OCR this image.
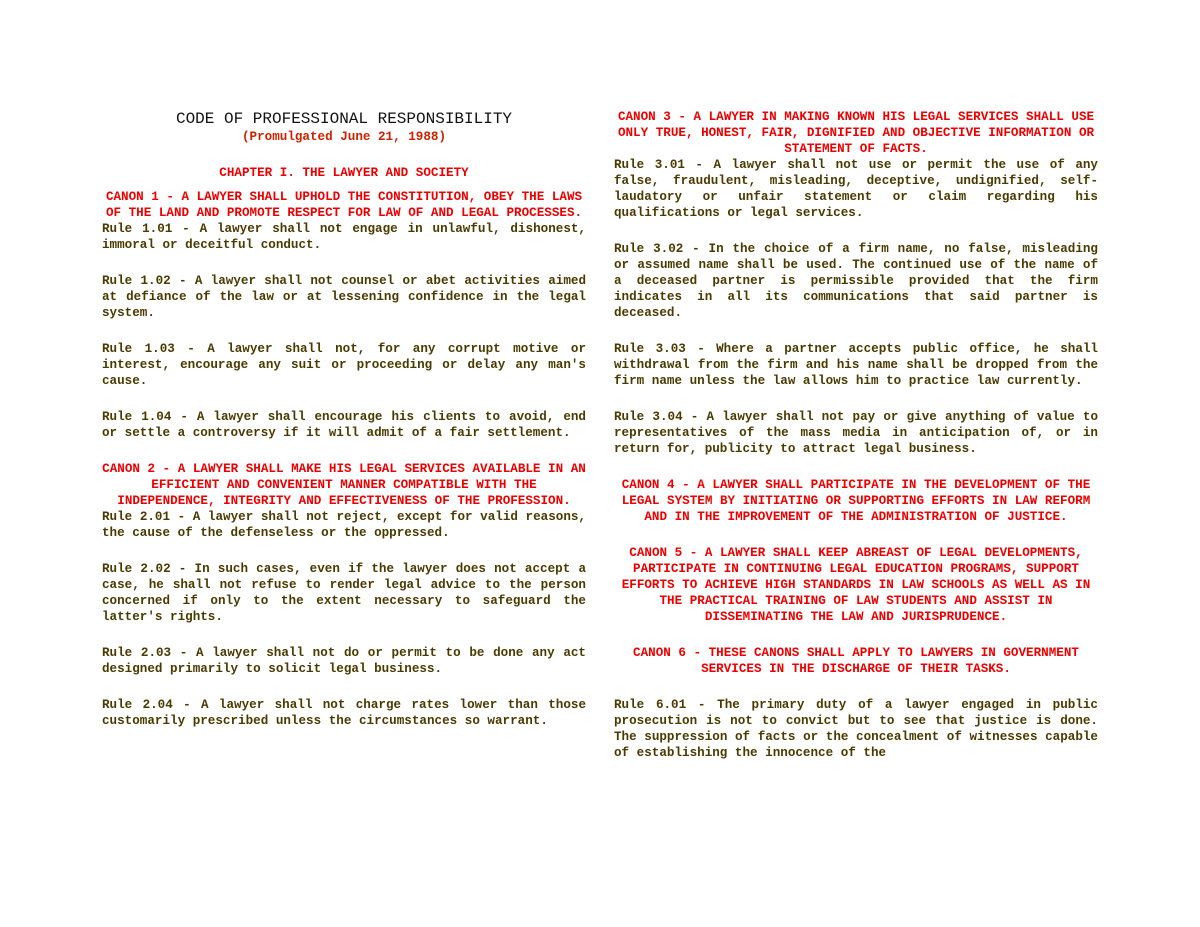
CODE OF PROFESSIONAL RESPONSIBILITY

(Promulgated June 21, 1988)

CHAPTER I. THE LAWYER AND SOCIETY

CANON 1 - A LAWYER SHALL UPHOLD THE CONSTITUTION, OBEY THE LAWS OF THE LAND AND PROMOTE RESPECT FOR LAW OF AND LEGAL PROCESSES.

Rule 1.01 - A lawyer shall not engage in unlawful, dishonest, immoral or deceitful conduct.

Rule 1.02 - A lawyer shall not counsel or abet activities aimed at defiance of the law or at lessening confidence in the legal system.

Rule 1.03 - A lawyer shall not, for any corrupt motive or interest, encourage any suit or proceeding or delay any man's cause.

Rule 1.04 - A lawyer shall encourage his clients to avoid, end or settle a controversy if it will admit of a fair settlement.

CANON 2 - A LAWYER SHALL MAKE HIS LEGAL SERVICES AVAILABLE IN AN EFFICIENT AND CONVENIENT MANNER COMPATIBLE WITH THE INDEPENDENCE, INTEGRITY AND EFFECTIVENESS OF THE PROFESSION.

Rule 2.01 - A lawyer shall not reject, except for valid reasons, the cause of the defenseless or the oppressed.

Rule 2.02 - In such cases, even if the lawyer does not accept a case, he shall not refuse to render legal advice to the person concerned if only to the extent necessary to safeguard the latter's rights.

Rule 2.03 - A lawyer shall not do or permit to be done any act designed primarily to solicit legal business.

Rule 2.04 - A lawyer shall not charge rates lower than those customarily prescribed unless the circumstances so warrant.

CANON 3 - A LAWYER IN MAKING KNOWN HIS LEGAL SERVICES SHALL USE ONLY TRUE, HONEST, FAIR, DIGNIFIED AND OBJECTIVE INFORMATION OR STATEMENT OF FACTS.

Rule 3.01 - A lawyer shall not use or permit the use of any false, fraudulent, misleading, deceptive, undignified, self-laudatory or unfair statement or claim regarding his qualifications or legal services.

Rule 3.02 - In the choice of a firm name, no false, misleading or assumed name shall be used. The continued use of the name of a deceased partner is permissible provided that the firm indicates in all its communications that said partner is deceased.

Rule 3.03 - Where a partner accepts public office, he shall withdrawal from the firm and his name shall be dropped from the firm name unless the law allows him to practice law currently.

Rule 3.04 - A lawyer shall not pay or give anything of value to representatives of the mass media in anticipation of, or in return for, publicity to attract legal business.

CANON 4 - A LAWYER SHALL PARTICIPATE IN THE DEVELOPMENT OF THE LEGAL SYSTEM BY INITIATING OR SUPPORTING EFFORTS IN LAW REFORM AND IN THE IMPROVEMENT OF THE ADMINISTRATION OF JUSTICE.

CANON 5 - A LAWYER SHALL KEEP ABREAST OF LEGAL DEVELOPMENTS, PARTICIPATE IN CONTINUING LEGAL EDUCATION PROGRAMS, SUPPORT EFFORTS TO ACHIEVE HIGH STANDARDS IN LAW SCHOOLS AS WELL AS IN THE PRACTICAL TRAINING OF LAW STUDENTS AND ASSIST IN DISSEMINATING THE LAW AND JURISPRUDENCE.

CANON 6 - THESE CANONS SHALL APPLY TO LAWYERS IN GOVERNMENT SERVICES IN THE DISCHARGE OF THEIR TASKS.

Rule 6.01 - The primary duty of a lawyer engaged in public prosecution is not to convict but to see that justice is done. The suppression of facts or the concealment of witnesses capable of establishing the innocence of the
